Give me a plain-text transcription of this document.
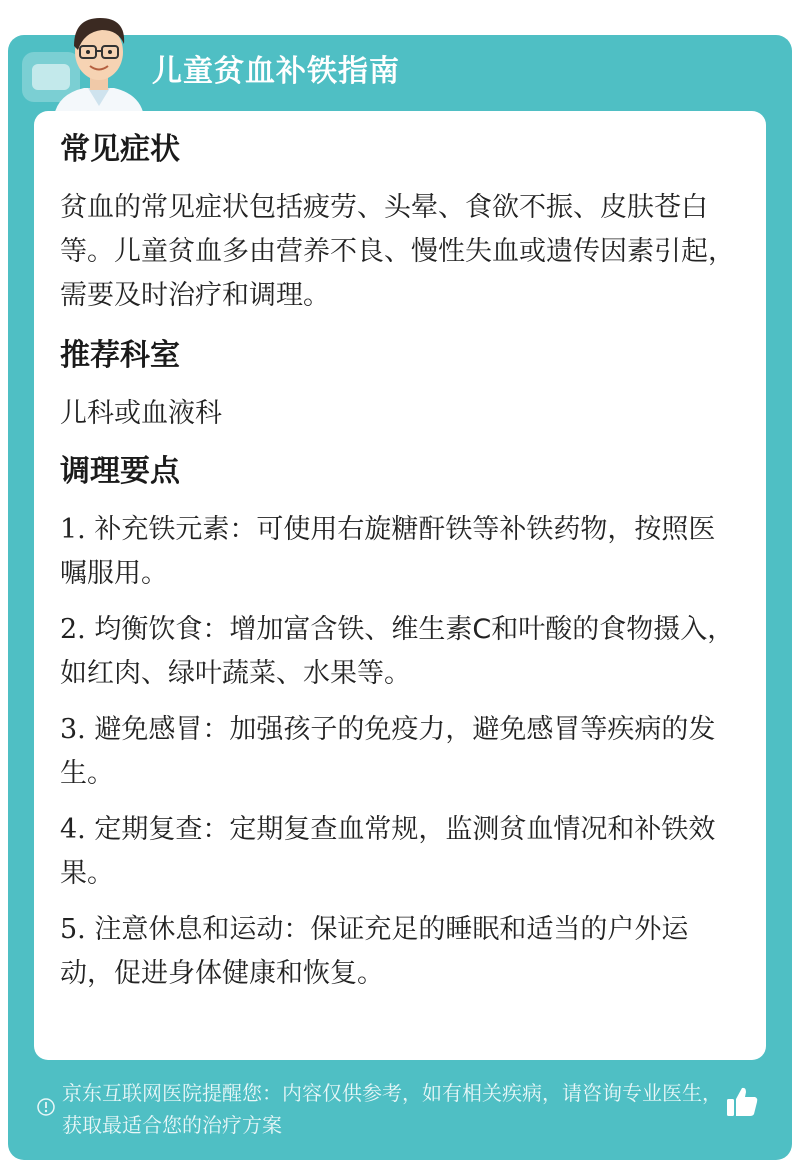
儿童贫血补铁指南
常见症状
贫血的常见症状包括疲劳、头晕、食欲不振、皮肤苍白等。儿童贫血多由营养不良、慢性失血或遗传因素引起，需要及时治疗和调理。
推荐科室
儿科或血液科
调理要点
1. 补充铁元素：可使用右旋糖酐铁等补铁药物，按照医嘱服用。
2. 均衡饮食：增加富含铁、维生素C和叶酸的食物摄入，如红肉、绿叶蔬菜、水果等。
3. 避免感冒：加强孩子的免疫力，避免感冒等疾病的发生。
4. 定期复查：定期复查血常规，监测贫血情况和补铁效果。
5. 注意休息和运动：保证充足的睡眠和适当的户外运动，促进身体健康和恢复。
京东互联网医院提醒您：内容仅供参考，如有相关疾病，请咨询专业医生，获取最适合您的治疗方案
